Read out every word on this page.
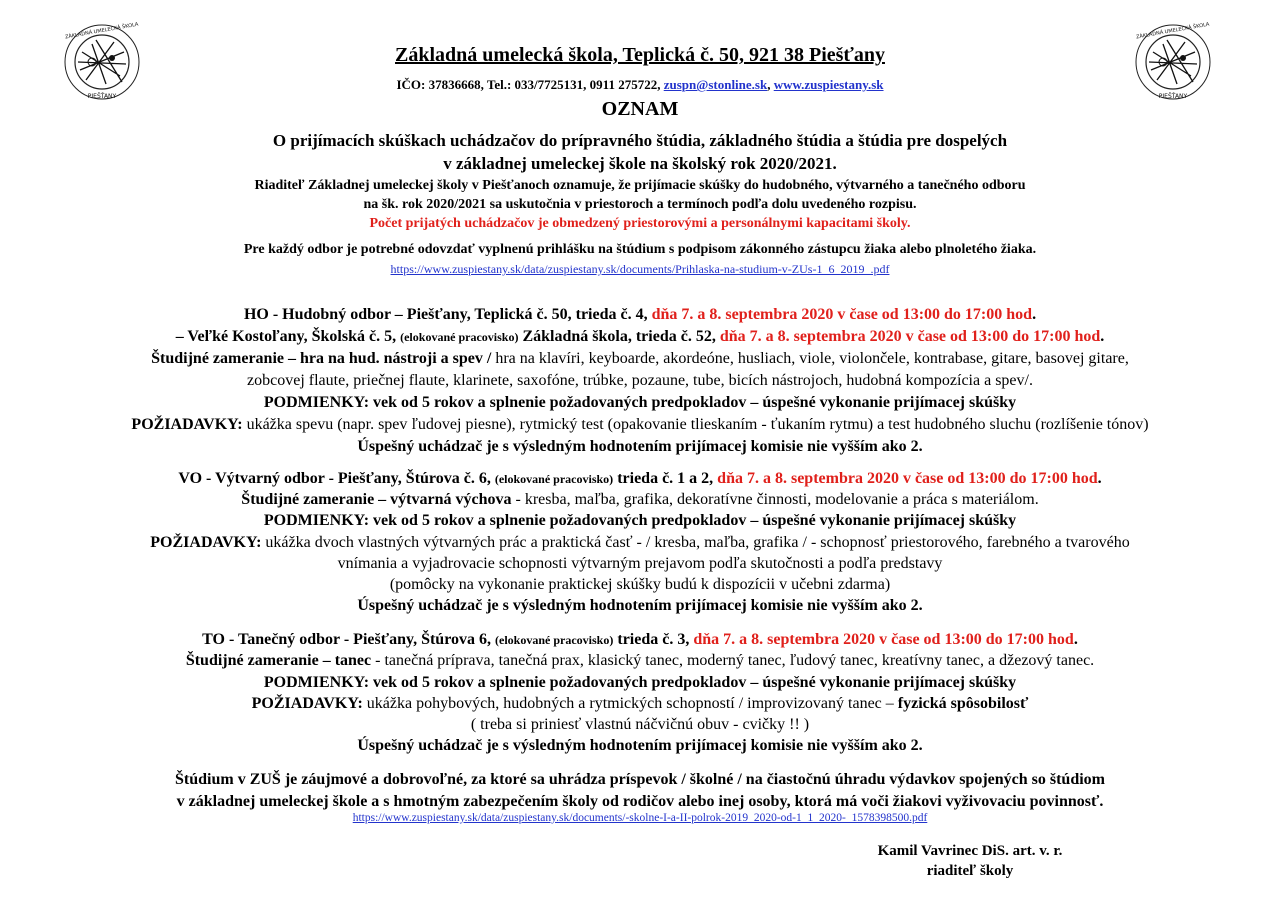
ZÁKLADNÁ UMELECKÁ ŠKOLA
PIEŠŤANY
ZÁKLADNÁ UMELECKÁ ŠKOLA
PIEŠŤANY
Základná umelecká škola, Teplická č. 50, 921 38 Piešťany
IČO: 37836668, Tel.: 033/7725131, 0911 275722, zuspn@stonline.sk, www.zuspiestany.sk
OZNAM
O prijímacích skúškach uchádzačov do prípravného štúdia, základného štúdia a štúdia pre dospelých
v základnej umeleckej škole na školský rok 2020/2021.
Riaditeľ Základnej umeleckej školy v Piešťanoch oznamuje, že prijímacie skúšky do hudobného, výtvarného a tanečného odboru
na šk. rok 2020/2021 sa uskutočnia v priestoroch a termínoch podľa dolu uvedeného rozpisu.
Počet prijatých uchádzačov je obmedzený priestorovými a personálnymi kapacitami školy.
Pre každý odbor je potrebné odovzdať vyplnenú prihlášku na štúdium s podpisom zákonného zástupcu žiaka alebo plnoletého žiaka.
https://www.zuspiestany.sk/data/zuspiestany.sk/documents/Prihlaska-na-studium-v-ZUs-1_6_2019_.pdf
HO - Hudobný odbor – Piešťany, Teplická č. 50, trieda č. 4, dňa 7. a 8. septembra 2020 v čase od 13:00 do 17:00 hod.
– Veľké Kostoľany, Školská č. 5, (elokované pracovisko) Základná škola, trieda č. 52, dňa 7. a 8. septembra 2020 v čase od 13:00 do 17:00 hod.
Študijné zameranie – hra na hud. nástroji a spev / hra na klavíri, keyboarde, akordeóne, husliach, viole, violončele, kontrabase, gitare, basovej gitare,
zobcovej flaute, priečnej flaute, klarinete, saxofóne, trúbke, pozaune, tube, bicích nástrojoch, hudobná kompozícia a spev/.
PODMIENKY: vek od 5 rokov a splnenie požadovaných predpokladov – úspešné vykonanie prijímacej skúšky
POŽIADAVKY: ukážka spevu (napr. spev ľudovej piesne), rytmický test (opakovanie tlieskaním - ťukaním rytmu) a test hudobného sluchu (rozlíšenie tónov)
Úspešný uchádzač je s výsledným hodnotením prijímacej komisie nie vyšším ako 2.
VO - Výtvarný odbor - Piešťany, Štúrova č. 6, (elokované pracovisko) trieda č. 1 a 2, dňa 7. a 8. septembra 2020 v čase od 13:00 do 17:00 hod.
Študijné zameranie – výtvarná výchova - kresba, maľba, grafika, dekoratívne činnosti, modelovanie a práca s materiálom.
PODMIENKY: vek od 5 rokov a splnenie požadovaných predpokladov – úspešné vykonanie prijímacej skúšky
POŽIADAVKY: ukážka dvoch vlastných výtvarných prác a praktická časť - / kresba, maľba, grafika / - schopnosť priestorového, farebného a tvarového
vnímania a vyjadrovacie schopnosti výtvarným prejavom podľa skutočnosti a podľa predstavy
(pomôcky na vykonanie praktickej skúšky budú k dispozícii v učebni zdarma)
Úspešný uchádzač je s výsledným hodnotením prijímacej komisie nie vyšším ako 2.
TO - Tanečný odbor - Piešťany, Štúrova 6, (elokované pracovisko) trieda č. 3, dňa 7. a 8. septembra 2020 v čase od 13:00 do 17:00 hod.
Študijné zameranie – tanec - tanečná príprava, tanečná prax, klasický tanec, moderný tanec, ľudový tanec, kreatívny tanec, a džezový tanec.
PODMIENKY: vek od 5 rokov a splnenie požadovaných predpokladov – úspešné vykonanie prijímacej skúšky
POŽIADAVKY: ukážka pohybových, hudobných a rytmických schopností / improvizovaný tanec – fyzická spôsobilosť
( treba si priniesť vlastnú náčvičnú obuv - cvičky !! )
Úspešný uchádzač je s výsledným hodnotením prijímacej komisie nie vyšším ako 2.
Štúdium v ZUŠ je záujmové a dobrovoľné, za ktoré sa uhrádza príspevok / školné / na čiastočnú úhradu výdavkov spojených so štúdiom
v základnej umeleckej škole a s hmotným zabezpečením školy od rodičov alebo inej osoby, ktorá má voči žiakovi vyživovaciu povinnosť.
https://www.zuspiestany.sk/data/zuspiestany.sk/documents/-skolne-I-a-II-polrok-2019_2020-od-1_1_2020-_1578398500.pdf
Kamil Vavrinec DiS. art. v. r.
riaditeľ školy
